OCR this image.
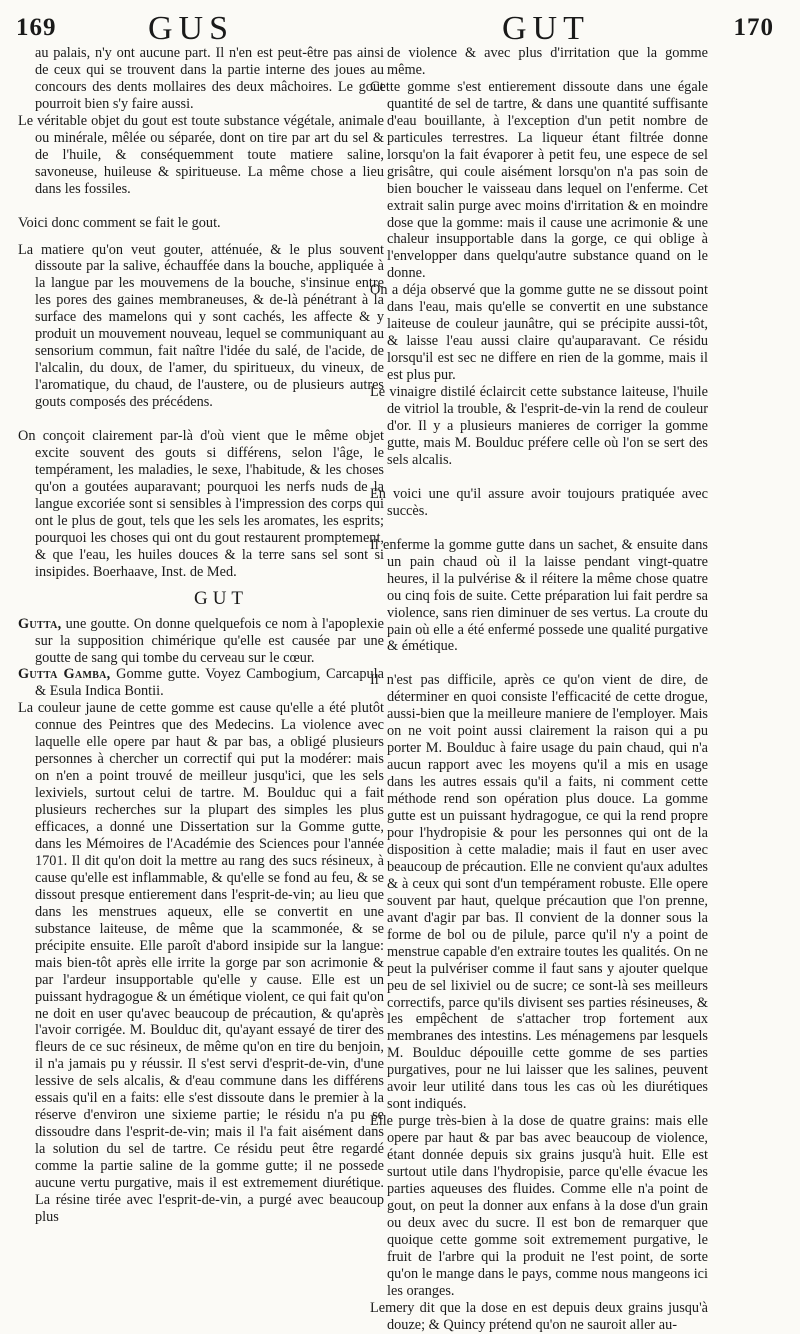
169	GUS	GUT	170

au palais, n'y ont aucune part. Il n'en est peut-être pas ainsi de ceux qui se trouvent dans la partie interne des joues au concours des dents mollaires des deux mâchoires. Le gout pourroit bien s'y faire aussi.

Le véritable objet du gout est toute substance végétale, animale ou minérale, mêlée ou séparée, dont on tire par art du sel & de l'huile, & conséquemment toute matiere saline, savoneuse, huileuse & spiritueuse. La même chose a lieu dans les fossiles.

Voici donc comment se fait le gout.

La matiere qu'on veut gouter, atténuée, & le plus souvent dissoute par la salive, échauffée dans la bouche, appliquée à la langue par les mouvemens de la bouche, s'insinue entre les pores des gaines membraneuses, & de-là pénétrant à la surface des mamelons qui y sont cachés, les affecte & y produit un mouvement nouveau, lequel se communiquant au sensorium commun, fait naître l'idée du salé, de l'acide, de l'alcalin, du doux, de l'amer, du spiritueux, du vineux, de l'aromatique, du chaud, de l'austere, ou de plusieurs autres gouts composés des précédens.

On conçoit clairement par-là d'où vient que le même objet excite souvent des gouts si différens, selon l'âge, le tempérament, les maladies, le sexe, l'habitude, & les choses qu'on a goutées auparavant; pourquoi les nerfs nuds de la langue excoriée sont si sensibles à l'impression des corps qui ont le plus de gout, tels que les sels les aromates, les esprits; pourquoi les choses qui ont du gout restaurent promptement, & que l'eau, les huiles douces & la terre sans sel sont si insipides. Boerhaave, Inst. de Med.

GUT

Gutta, une goutte. On donne quelquefois ce nom à l'apoplexie sur la supposition chimérique qu'elle est causée par une goutte de sang qui tombe du cerveau sur le cœur.

Gutta Gamba, Gomme gutte. Voyez Cambogium, Carcapula & Esula Indica Bontii.

La couleur jaune de cette gomme est cause qu'elle a été plutôt connue des Peintres que des Medecins. La violence avec laquelle elle opere par haut & par bas, a obligé plusieurs personnes à chercher un correctif qui put la modérer: mais on n'en a point trouvé de meilleur jusqu'ici, que les sels lexiviels, surtout celui de tartre. M. Boulduc qui a fait plusieurs recherches sur la plupart des simples les plus efficaces, a donné une Dissertation sur la Gomme gutte, dans les Mémoires de l'Académie des Sciences pour l'année 1701. Il dit qu'on doit la mettre au rang des sucs résineux, à cause qu'elle est inflammable, & qu'elle se fond au feu, & se dissout presque entierement dans l'esprit-de-vin; au lieu que dans les menstrues aqueux, elle se convertit en une substance laiteuse, de même que la scammonée, & se précipite ensuite. Elle paroît d'abord insipide sur la langue: mais bien-tôt après elle irrite la gorge par son acrimonie & par l'ardeur insupportable qu'elle y cause. Elle est un puissant hydragogue & un émétique violent, ce qui fait qu'on ne doit en user qu'avec beaucoup de précaution, & qu'après l'avoir corrigée. M. Boulduc dit, qu'ayant essayé de tirer des fleurs de ce suc résineux, de même qu'on en tire du benjoin, il n'a jamais pu y réussir. Il s'est servi d'esprit-de-vin, d'une lessive de sels alcalis, & d'eau commune dans les différens essais qu'il en a faits: elle s'est dissoute dans le premier à la réserve d'environ une sixieme partie; le résidu n'a pu se dissoudre dans l'esprit-de-vin; mais il l'a fait aisément dans la solution du sel de tartre. Ce résidu peut être regardé comme la partie saline de la gomme gutte; il ne possede aucune vertu purgative, mais il est extremement diurétique. La résine tirée avec l'esprit-de-vin, a purgé avec beaucoup plus

de violence & avec plus d'irritation que la gomme même.

Cette gomme s'est entierement dissoute dans une égale quantité de sel de tartre, & dans une quantité suffisante d'eau bouillante, à l'exception d'un petit nombre de particules terrestres. La liqueur étant filtrée donne lorsqu'on la fait évaporer à petit feu, une espece de sel grisâtre, qui coule aisément lorsqu'on n'a pas soin de bien boucher le vaisseau dans lequel on l'enferme. Cet extrait salin purge avec moins d'irritation & en moindre dose que la gomme: mais il cause une acrimonie & une chaleur insupportable dans la gorge, ce qui oblige à l'envelopper dans quelqu'autre substance quand on le donne.

On a déja observé que la gomme gutte ne se dissout point dans l'eau, mais qu'elle se convertit en une substance laiteuse de couleur jaunâtre, qui se précipite aussi-tôt, & laisse l'eau aussi claire qu'auparavant. Ce résidu lorsqu'il est sec ne differe en rien de la gomme, mais il est plus pur.

Le vinaigre distilé éclaircit cette substance laiteuse, l'huile de vitriol la trouble, & l'esprit-de-vin la rend de couleur d'or. Il y a plusieurs manieres de corriger la gomme gutte, mais M. Boulduc préfere celle où l'on se sert des sels alcalis.

En voici une qu'il assure avoir toujours pratiquée avec succès.

Il enferme la gomme gutte dans un sachet, & ensuite dans un pain chaud où il la laisse pendant vingt-quatre heures, il la pulvérise & il réitere la même chose quatre ou cinq fois de suite. Cette préparation lui fait perdre sa violence, sans rien diminuer de ses vertus. La croute du pain où elle a été enfermé possede une qualité purgative & émétique.

Il n'est pas difficile, après ce qu'on vient de dire, de déterminer en quoi consiste l'efficacité de cette drogue, aussi-bien que la meilleure maniere de l'employer. Mais on ne voit point aussi clairement la raison qui a pu porter M. Boulduc à faire usage du pain chaud, qui n'a aucun rapport avec les moyens qu'il a mis en usage dans les autres essais qu'il a faits, ni comment cette méthode rend son opération plus douce. La gomme gutte est un puissant hydragogue, ce qui la rend propre pour l'hydropisie & pour les personnes qui ont de la disposition à cette maladie; mais il faut en user avec beaucoup de précaution. Elle ne convient qu'aux adultes & à ceux qui sont d'un tempérament robuste. Elle opere souvent par haut, quelque précaution que l'on prenne, avant d'agir par bas. Il convient de la donner sous la forme de bol ou de pilule, parce qu'il n'y a point de menstrue capable d'en extraire toutes les qualités. On ne peut la pulvériser comme il faut sans y ajouter quelque peu de sel lixiviel ou de sucre; ce sont-là ses meilleurs correctifs, parce qu'ils divisent ses parties résineuses, & les empêchent de s'attacher trop fortement aux membranes des intestins. Les ménagemens par lesquels M. Boulduc dépouille cette gomme de ses parties purgatives, pour ne lui laisser que les salines, peuvent avoir leur utilité dans tous les cas où les diurétiques sont indiqués.

Elle purge très-bien à la dose de quatre grains: mais elle opere par haut & par bas avec beaucoup de violence, étant donnée depuis six grains jusqu'à huit. Elle est surtout utile dans l'hydropisie, parce qu'elle évacue les parties aqueuses des fluides. Comme elle n'a point de gout, on peut la donner aux enfans à la dose d'un grain ou deux avec du sucre. Il est bon de remarquer que quoique cette gomme soit extremement purgative, le fruit de l'arbre qui la produit ne l'est point, de sorte qu'on le mange dans le pays, comme nous mangeons ici les oranges.

Lemery dit que la dose en est depuis deux grains jusqu'à douze; & Quincy prétend qu'on ne sauroit aller au-
